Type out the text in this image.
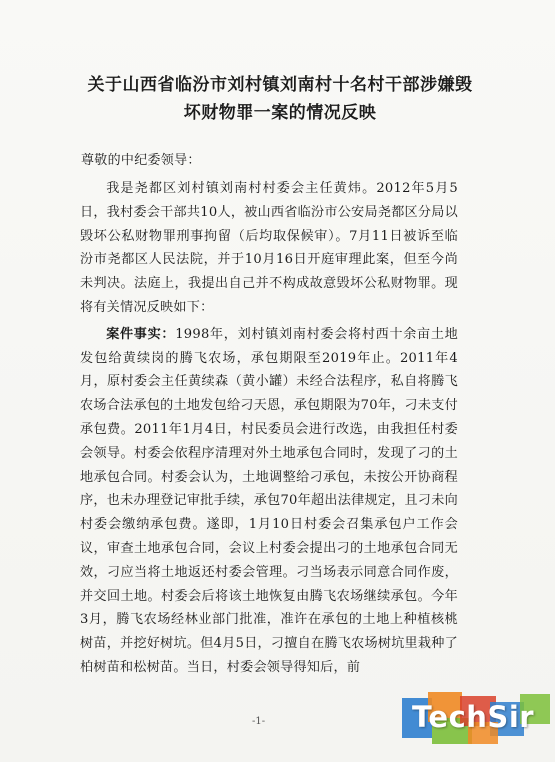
关于山西省临汾市刘村镇刘南村十名村干部涉嫌毁
坏财物罪一案的情况反映
尊敬的中纪委领导：

我是尧都区刘村镇刘南村村委会主任黄炜。2012年5月5日，我村委会干部共10人，被山西省临汾市公安局尧都区分局以毁坏公私财物罪刑事拘留（后均取保候审）。7月11日被诉至临汾市尧都区人民法院，并于10月16日开庭审理此案，但至今尚未判决。法庭上，我提出自己并不构成故意毁坏公私财物罪。现将有关情况反映如下：

案件事实：1998年，刘村镇刘南村委会将村西十余亩土地发包给黄续岗的腾飞农场，承包期限至2019年止。2011年4月，原村委会主任黄续森（黄小罐）未经合法程序，私自将腾飞农场合法承包的土地发包给刁天恩，承包期限为70年，刁未支付承包费。2011年1月4日，村民委员会进行改选，由我担任村委会领导。村委会依程序清理对外土地承包合同时，发现了刁的土地承包合同。村委会认为，土地调整给刁承包，未按公开协商程序，也未办理登记审批手续，承包70年超出法律规定，且刁未向村委会缴纳承包费。遂即，1月10日村委会召集承包户工作会议，审查土地承包合同，会议上村委会提出刁的土地承包合同无效，刁应当将土地返还村委会管理。刁当场表示同意合同作废，并交回土地。村委会后将该土地恢复由腾飞农场继续承包。今年3月，腾飞农场经林业部门批准，准许在承包的土地上种植核桃树苗，并挖好树坑。但4月5日，刁擅自在腾飞农场树坑里栽种了柏树苗和松树苗。当日，村委会领导得知后，前

-1-	TechSir
